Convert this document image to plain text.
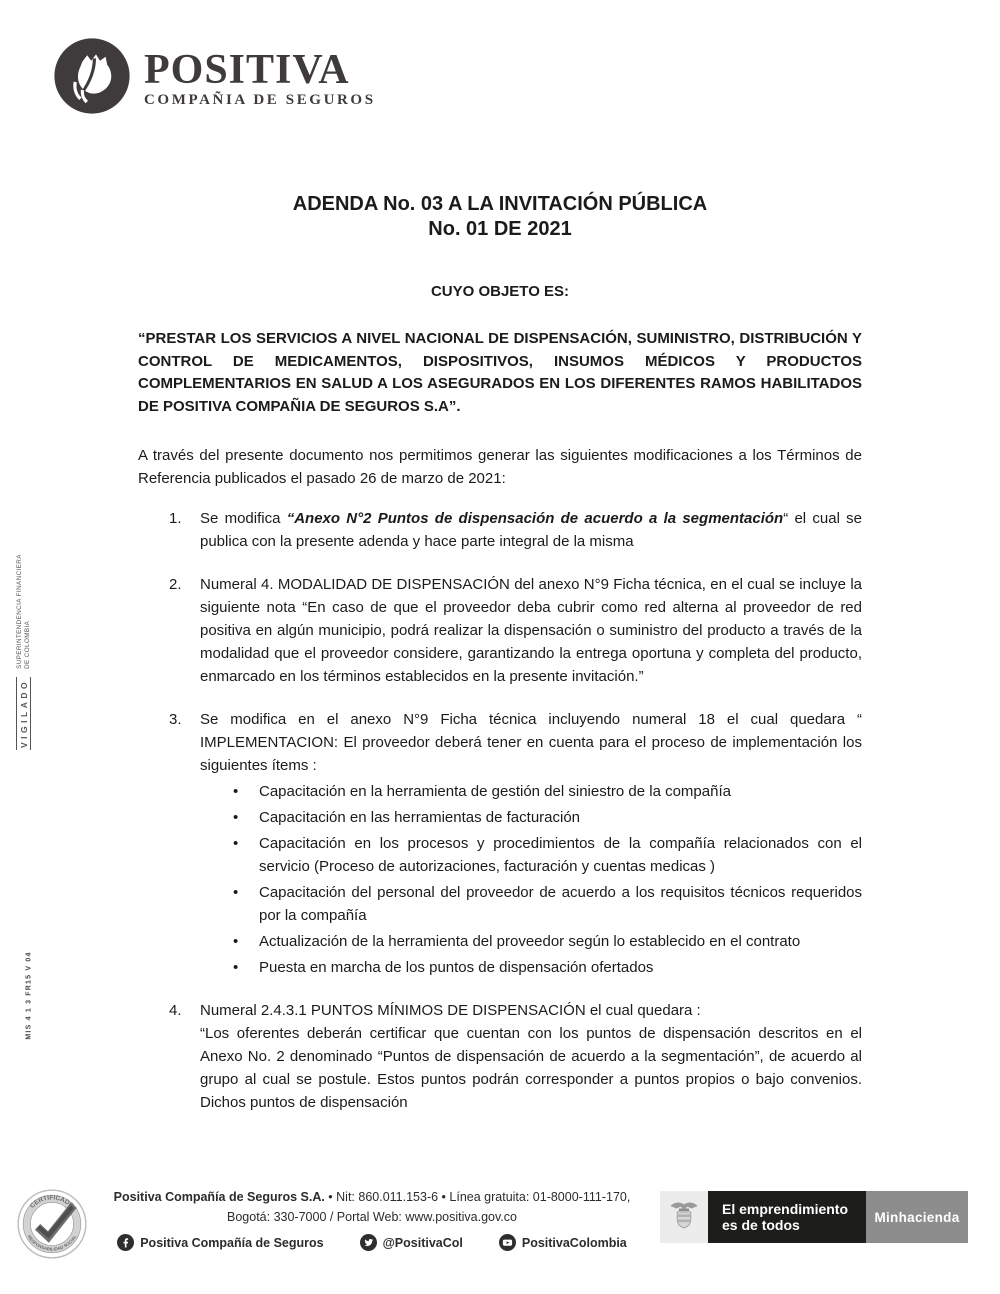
POSITIVA
COMPAÑIA DE SEGUROS
VIGILADO
SUPERINTENDENCIA FINANCIERA
DE COLOMBIA
MIS 4 1 3 FR15 V 04
ADENDA No. 03 A LA INVITACIÓN PÚBLICA
No. 01 DE 2021
CUYO OBJETO ES:

“PRESTAR LOS SERVICIOS A NIVEL NACIONAL DE DISPENSACIÓN, SUMINISTRO, DISTRIBUCIÓN Y CONTROL DE MEDICAMENTOS, DISPOSITIVOS, INSUMOS MÉDICOS Y PRODUCTOS COMPLEMENTARIOS EN SALUD A LOS ASEGURADOS EN LOS DIFERENTES RAMOS HABILITADOS DE POSITIVA COMPAÑIA DE SEGUROS S.A”.

A través del presente documento nos permitimos generar las siguientes modificaciones a los Términos de Referencia publicados el pasado 26 de marzo de 2021:

1.	Se modifica “Anexo N°2 Puntos de dispensación de acuerdo a la segmentación“ el cual se publica con la presente adenda y hace parte integral de la misma
2.	Numeral 4. MODALIDAD DE DISPENSACIÓN del anexo N°9 Ficha técnica, en el cual se incluye la siguiente nota “En caso de que el proveedor deba cubrir como red alterna al proveedor de red positiva en algún municipio, podrá realizar la dispensación o suministro del producto a través de la modalidad que el proveedor considere, garantizando la entrega oportuna y completa del producto, enmarcado en los términos establecidos en la presente invitación.”
3.	Se modifica en el anexo N°9 Ficha técnica incluyendo numeral 18 el cual quedara “ IMPLEMENTACION: El proveedor deberá tener en cuenta para el proceso de implementación los siguientes ítems :
• Capacitación en la herramienta de gestión del siniestro de la compañía
• Capacitación en las herramientas de facturación
• Capacitación en los procesos y procedimientos de la compañía relacionados con el servicio (Proceso de autorizaciones, facturación y cuentas medicas )
• Capacitación del personal del proveedor de acuerdo a los requisitos técnicos requeridos por la compañía
• Actualización de la herramienta del proveedor según lo establecido en el contrato
• Puesta en marcha de los puntos de dispensación ofertados
4.	Numeral 2.4.3.1 PUNTOS MÍNIMOS DE DISPENSACIÓN el cual quedara :
“Los oferentes deberán certificar que cuentan con los puntos de dispensación descritos en el Anexo No. 2 denominado “Puntos de dispensación de acuerdo a la segmentación”, de acuerdo al grupo al cual se postule. Estos puntos podrán corresponder a puntos propios o bajo convenios. Dichos puntos de dispensación
CERTIFICADO
RESPONSABILIDAD SOCIAL
Positiva Compañía de Seguros S.A. • Nit: 860.011.153-6 • Línea gratuita: 01-8000-111-170,
Bogotá: 330-7000 / Portal Web: www.positiva.gov.co
Positiva Compañía de Seguros	@PositivaCol	PositivaColombia
El emprendimiento
es de todos	Minhacienda
